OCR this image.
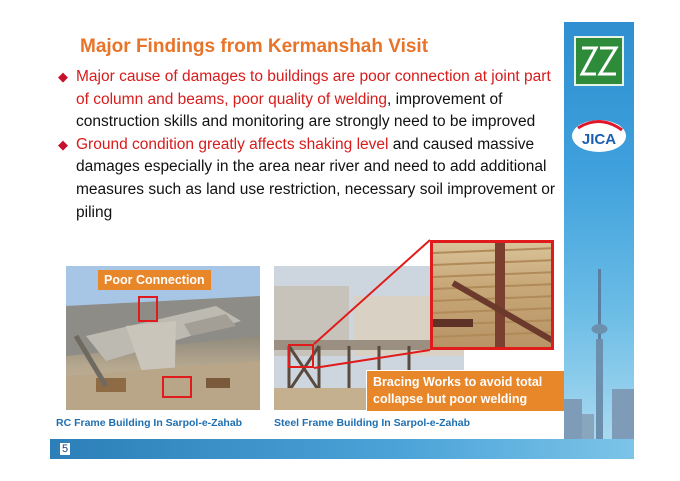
Major Findings from Kermanshah Visit
◆ Major cause of damages to buildings are poor connection at joint part of column and beams, poor quality of welding, improvement of construction skills and monitoring are strongly need to be improved
◆ Ground condition greatly affects shaking level and caused massive damages especially in the area near river and need to add additional measures such as land use restriction, necessary soil improvement or piling
Poor Connection
Bracing Works to avoid total collapse but poor welding
RC Frame Building In Sarpol-e-Zahab	Steel Frame Building In Sarpol-e-Zahab
JICA
5
